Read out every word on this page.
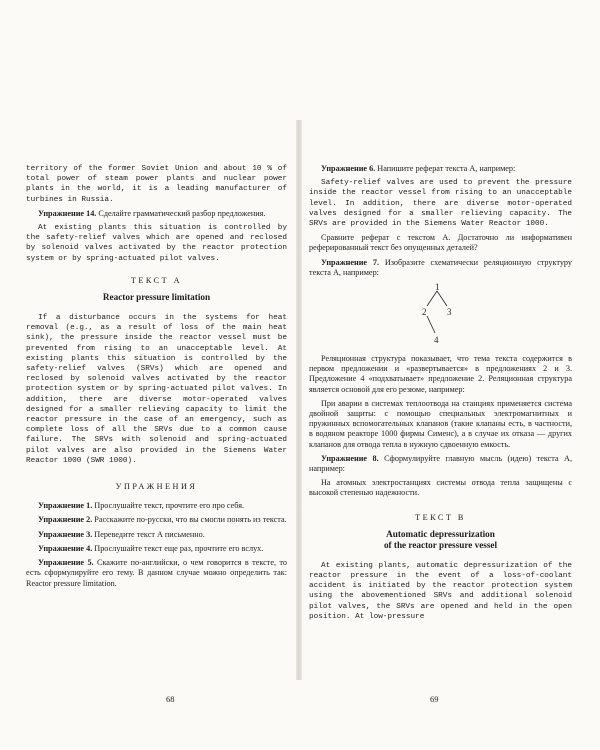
territory of the former Soviet Union and about 10 % of total power of steam power plants and nuclear power plants in the world, it is a leading manufacturer of turbines in Russia.

Упражнение 14. Сделайте грамматический разбор предложения.

At existing plants this situation is controlled by the safety-relief valves which are opened and reclosed by solenoid valves activated by the reactor protection system or by spring-actuated pilot valves.

ТЕКСТ А
Reactor pressure limitation

If a disturbance occurs in the systems for heat removal (e.g., as a result of loss of the main heat sink), the pressure inside the reactor vessel must be prevented from rising to an unacceptable level. At existing plants this situation is controlled by the safety-relief valves (SRVs) which are opened and reclosed by solenoid valves activated by the reactor protection system or by spring-actuated pilot valves. In addition, there are diverse motor-operated valves designed for a smaller relieving capacity to limit the reactor pressure in the case of an emergency, such as complete loss of all the SRVs due to a common cause failure. The SRVs with solenoid and spring-actuated pilot valves are also provided in the Siemens Water Reactor 1000 (SWR 1000).

УПРАЖНЕНИЯ

Упражнение 1. Прослушайте текст, прочтите его про себя.

Упражнение 2. Расскажите по-русски, что вы смогли понять из текста.

Упражнение 3. Переведите текст А письменно.

Упражнение 4. Прослушайте текст еще раз, прочтите его вслух.

Упражнение 5. Скажите по-английски, о чем говорится в тексте, то есть сформулируйте его тему. В данном случае можно определить так: Reactor pressure limitation.

68

Упражнение 6. Напишите реферат текста А, например:

Safety-relief valves are used to prevent the pressure inside the reactor vessel from rising to an unacceptable level. In addition, there are diverse motor-operated valves designed for a smaller relieving capacity. The SRVs are provided in the Siemens Water Reactor 1000.

Сравните реферат с текстом А. Достаточно ли информативен реферированный текст без опущенных деталей?

Упражнение 7. Изобразите схематически реляционную структуру текста А, например:

1
2 3
4

Реляционная структура показывает, что тема текста содержится в первом предложении и «развертывается» в предложениях 2 и 3. Предложение 4 «подхватывает» предложение 2. Реляционная структура является основой для его резюме, например:

При аварии в системах теплоотвода на станциях применяется система двойной защиты: с помощью специальных электромагнитных и пружинных вспомогательных клапанов (такие клапаны есть, в частности, в водяном реакторе 1000 фирмы Сименс), а в случае их отказа — других клапанов для отвода тепла в нужную сдвоенную емкость.

Упражнение 8. Сформулируйте главную мысль (идею) текста А, например:

На атомных электростанциях системы отвода тепла защищены с высокой степенью надежности.

ТЕКСТ В
Automatic depressurization
of the reactor pressure vessel

At existing plants, automatic depressurization of the reactor pressure in the event of a loss-of-coolant accident is initiated by the reactor protection system using the abovementioned SRVs and additional solenoid pilot valves, the SRVs are opened and held in the open position. At low-pressure

69
